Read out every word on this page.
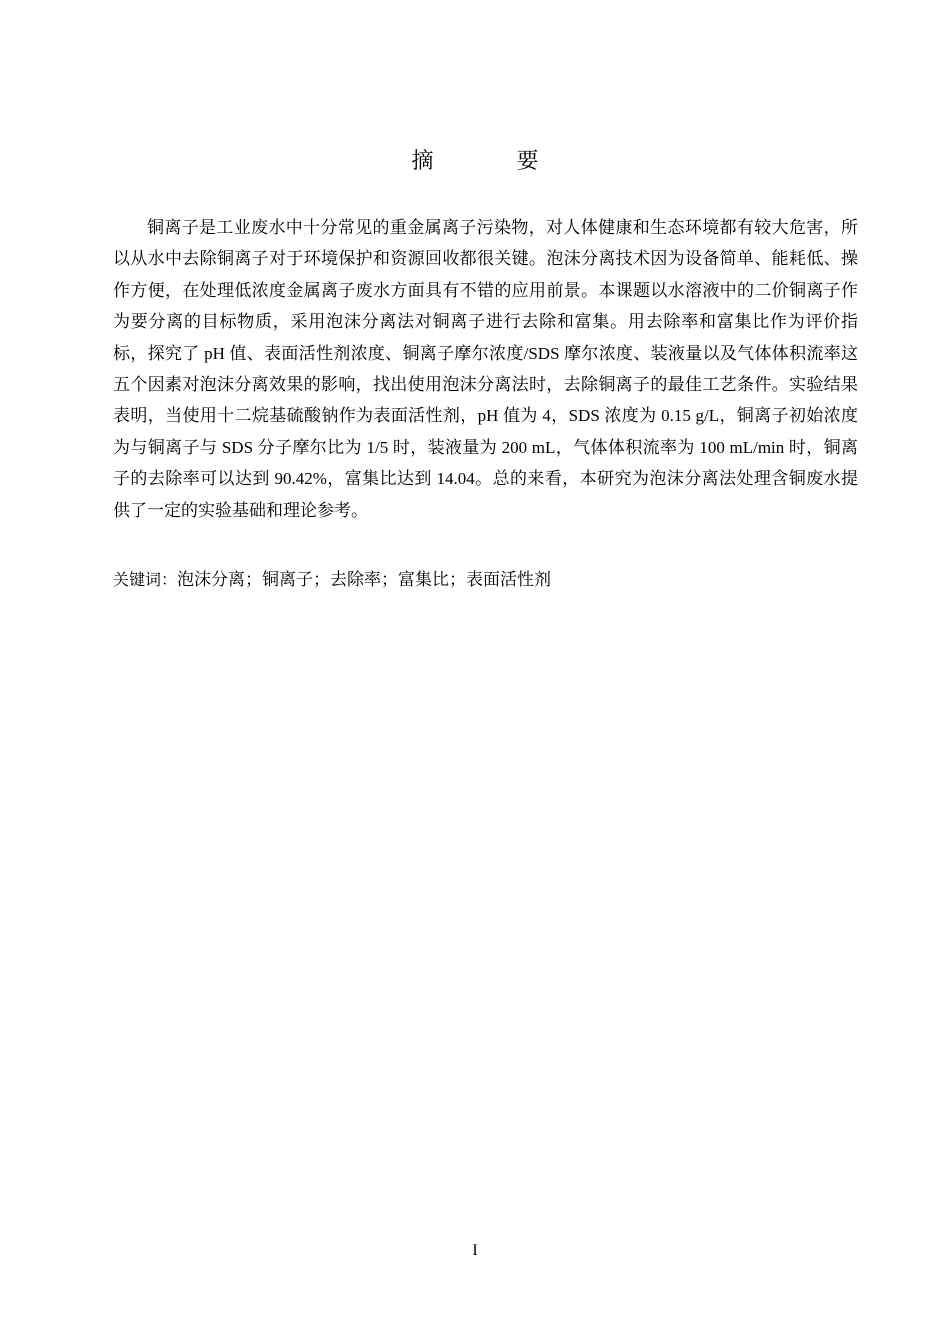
摘 要

铜离子是工业废水中十分常见的重金属离子污染物，对人体健康和生态环境都有较大危害，所以从水中去除铜离子对于环境保护和资源回收都很关键。泡沫分离技术因为设备简单、能耗低、操作方便，在处理低浓度金属离子废水方面具有不错的应用前景。本课题以水溶液中的二价铜离子作为要分离的目标物质，采用泡沫分离法对铜离子进行去除和富集。用去除率和富集比作为评价指标，探究了 pH 值、表面活性剂浓度、铜离子摩尔浓度/SDS 摩尔浓度、装液量以及气体体积流率这五个因素对泡沫分离效果的影响，找出使用泡沫分离法时，去除铜离子的最佳工艺条件。实验结果表明，当使用十二烷基硫酸钠作为表面活性剂，pH 值为 4，SDS 浓度为 0.15 g/L，铜离子初始浓度为与铜离子与 SDS 分子摩尔比为 1/5 时，装液量为 200 mL，气体体积流率为 100 mL/min 时，铜离子的去除率可以达到 90.42%，富集比达到 14.04。总的来看，本研究为泡沫分离法处理含铜废水提供了一定的实验基础和理论参考。

关键词：泡沫分离；铜离子；去除率；富集比；表面活性剂

I
